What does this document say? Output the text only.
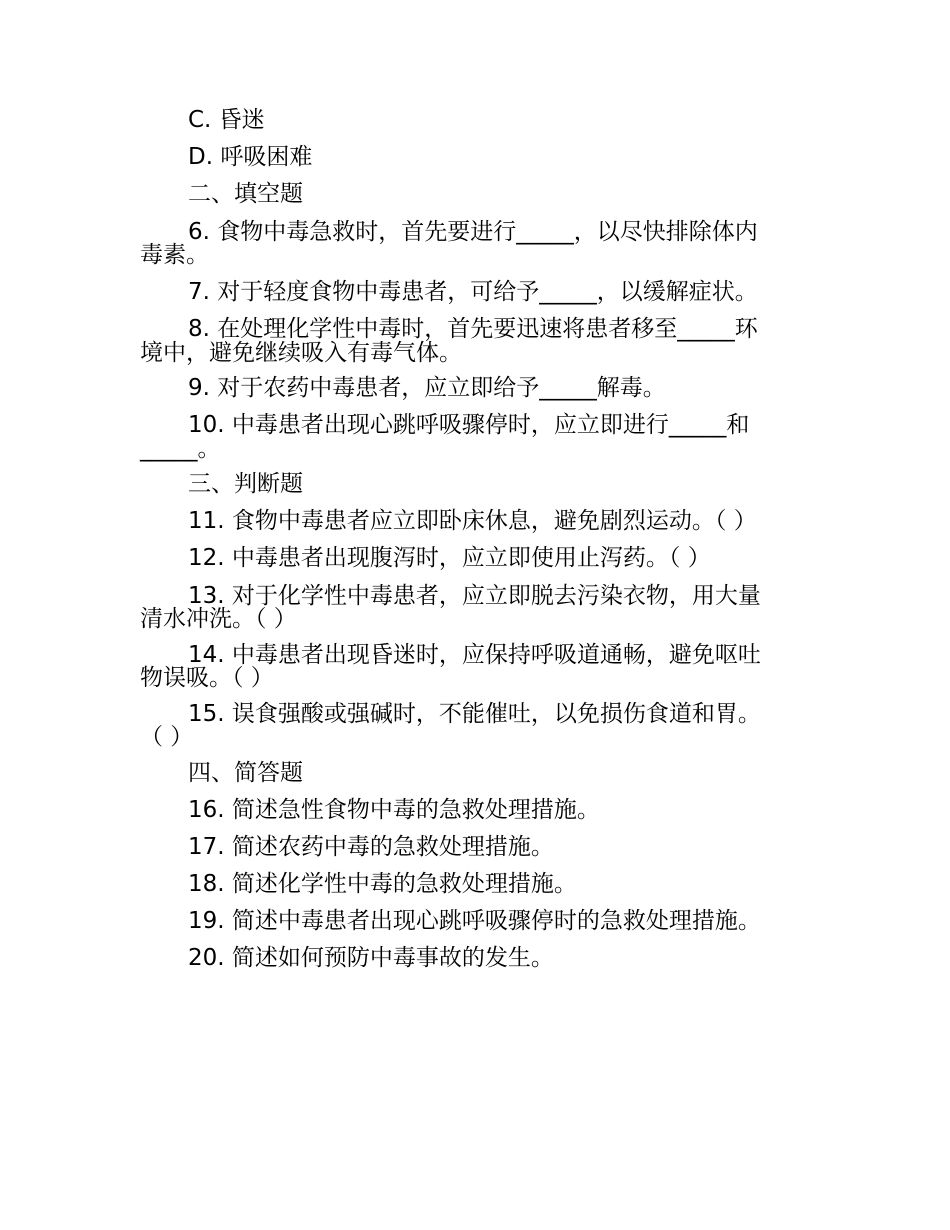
C. 昏迷
D. 呼吸困难
二、填空题
6. 食物中毒急救时，首先要进行_____，以尽快排除体内
毒素。
7. 对于轻度食物中毒患者，可给予_____，以缓解症状。
8. 在处理化学性中毒时，首先要迅速将患者移至_____环
境中，避免继续吸入有毒气体。
9. 对于农药中毒患者，应立即给予_____解毒。
10. 中毒患者出现心跳呼吸骤停时，应立即进行_____和
_____。
三、判断题
11. 食物中毒患者应立即卧床休息，避免剧烈运动。（ ）
12. 中毒患者出现腹泻时，应立即使用止泻药。（ ）
13. 对于化学性中毒患者，应立即脱去污染衣物，用大量
清水冲洗。（ ）
14. 中毒患者出现昏迷时，应保持呼吸道通畅，避免呕吐
物误吸。（ ）
15. 误食强酸或强碱时，不能催吐，以免损伤食道和胃。
（ ）
四、简答题
16. 简述急性食物中毒的急救处理措施。
17. 简述农药中毒的急救处理措施。
18. 简述化学性中毒的急救处理措施。
19. 简述中毒患者出现心跳呼吸骤停时的急救处理措施。
20. 简述如何预防中毒事故的发生。
